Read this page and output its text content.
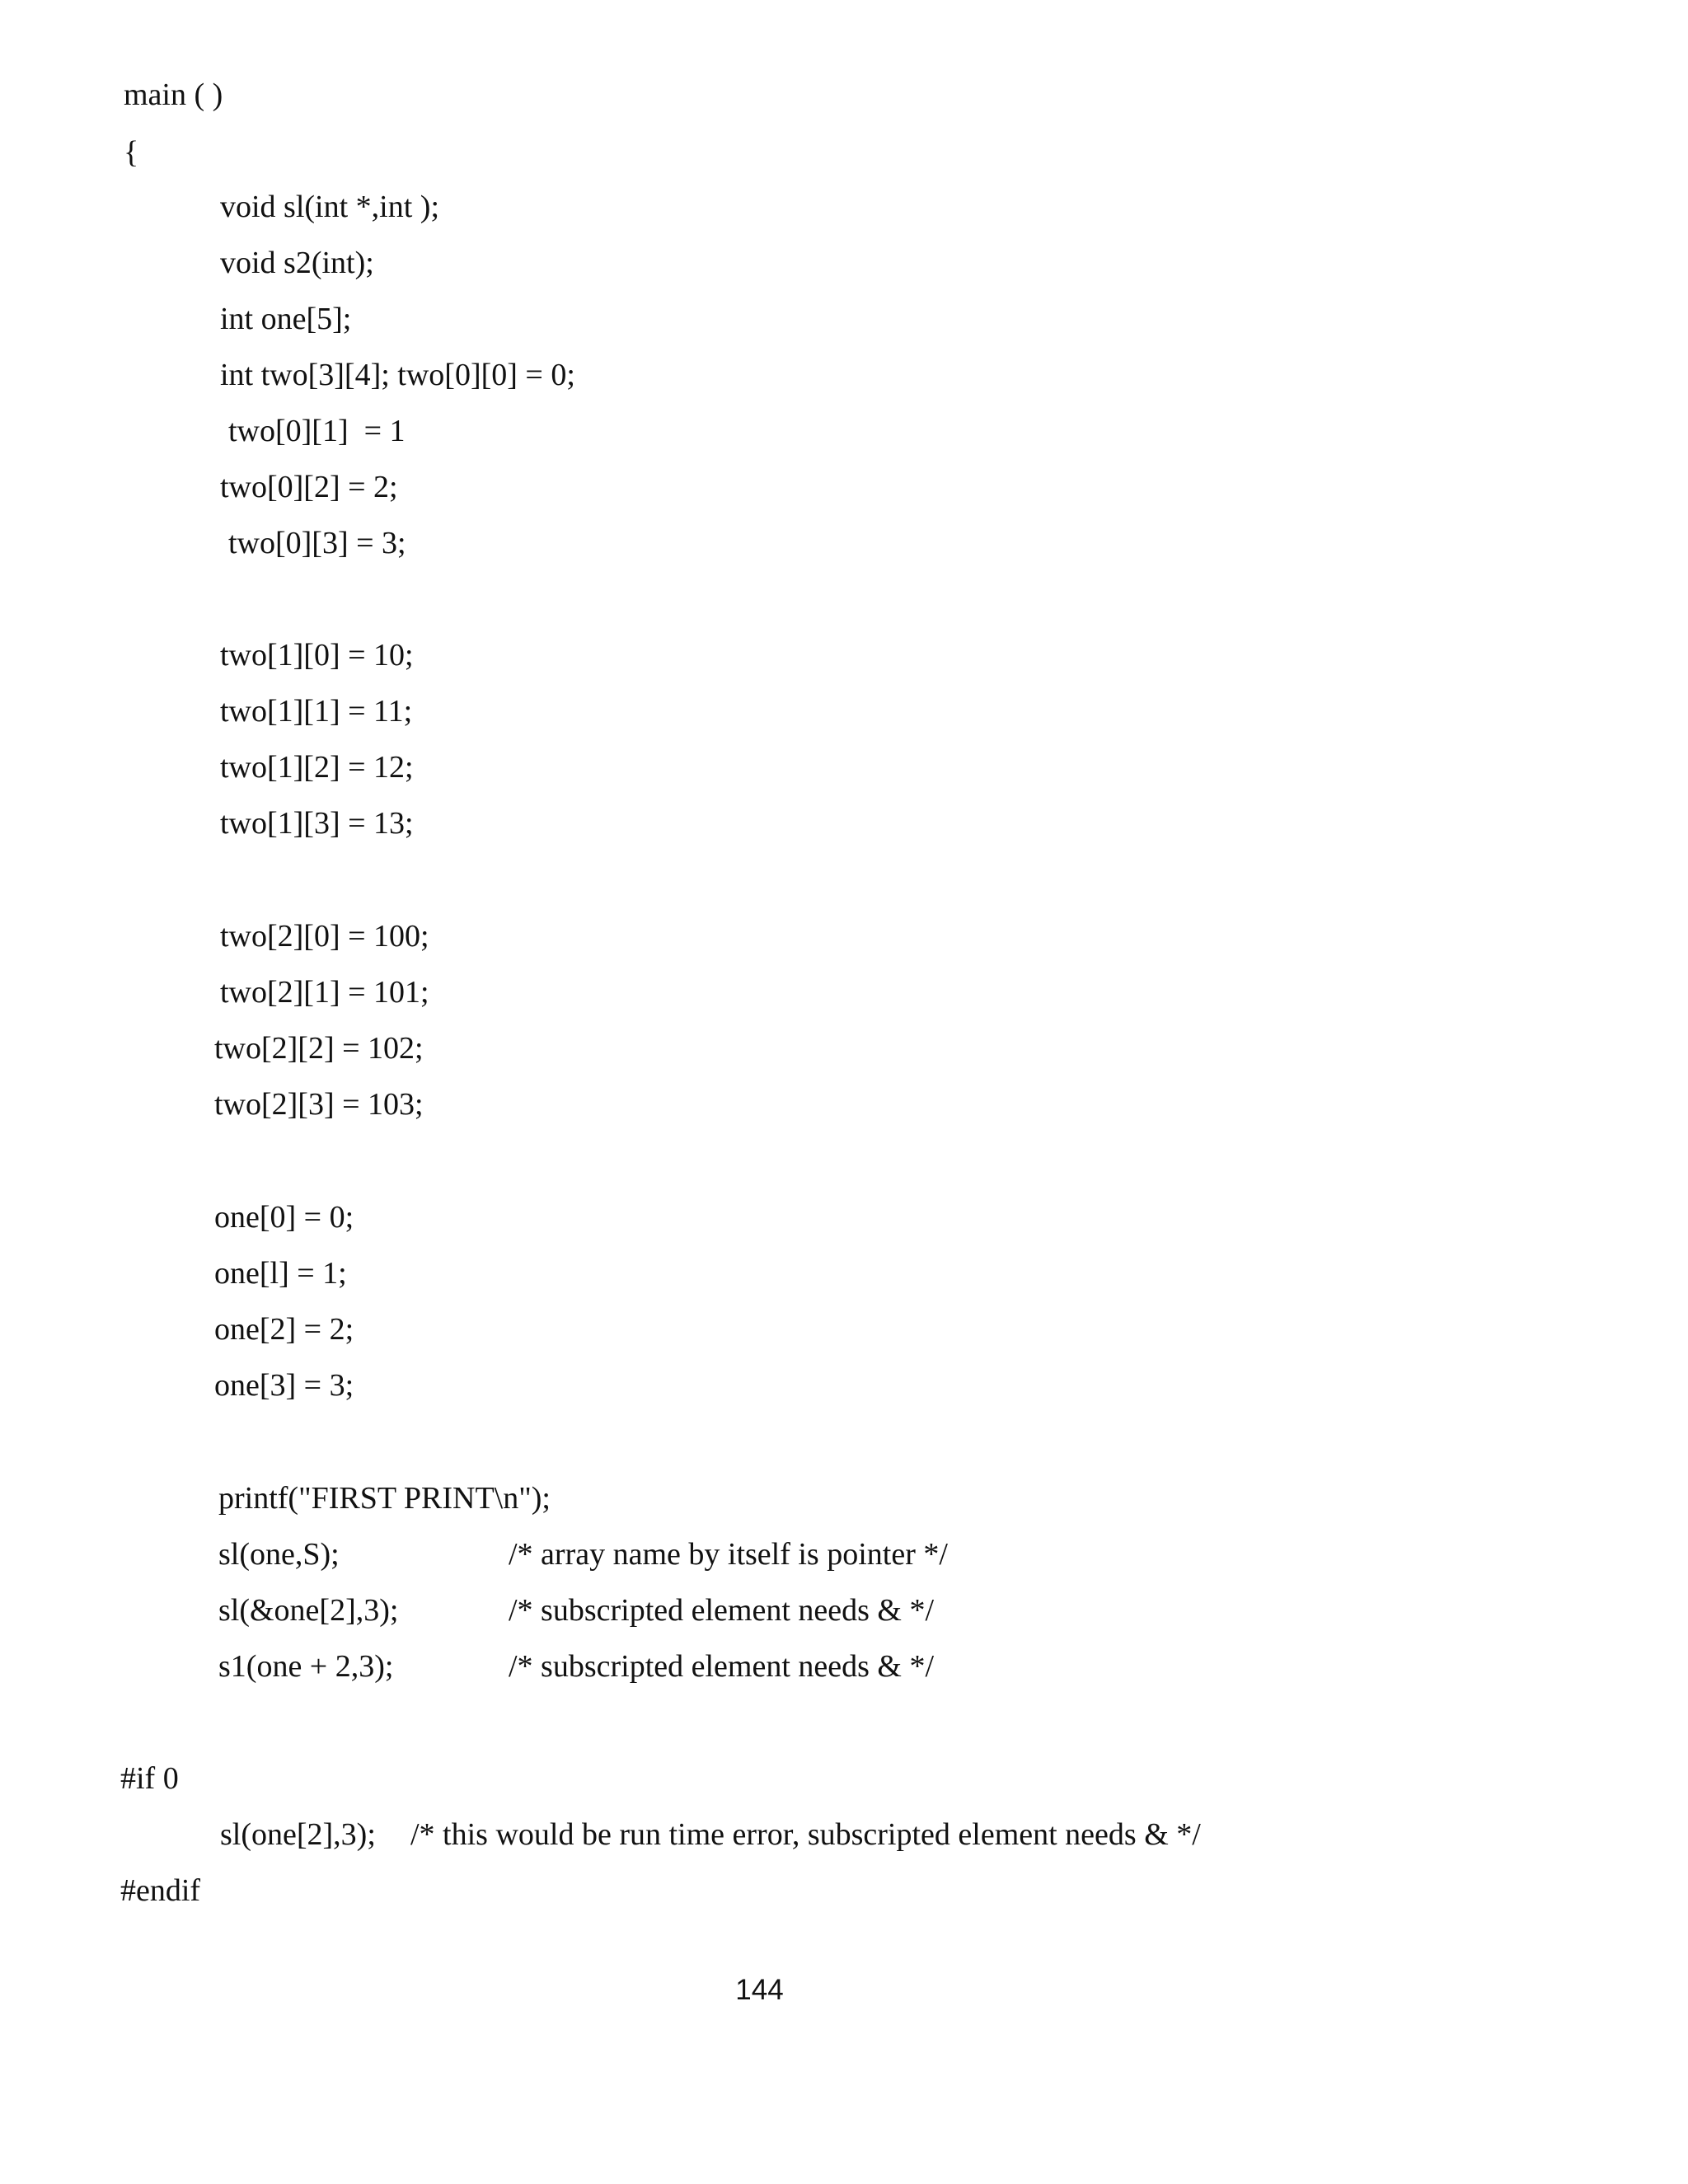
main ( )
{
void sl(int *,int );
void s2(int);
int one[5];
int two[3][4]; two[0][0] = 0;
two[0][1]  = 1
two[0][2] = 2;
two[0][3] = 3;
two[1][0] = 10;
two[1][1] = 11;
two[1][2] = 12;
two[1][3] = 13;
two[2][0] = 100;
two[2][1] = 101;
two[2][2] = 102;
two[2][3] = 103;
one[0] = 0;
one[l] = 1;
one[2] = 2;
one[3] = 3;
printf("FIRST PRINT\n");
sl(one,S);	/* array name by itself is pointer */
sl(&one[2],3);	/* subscripted element needs & */
s1(one + 2,3);	/* subscripted element needs & */
#if 0
sl(one[2],3); /* this would be run time error, subscripted element needs & */
#endif
144
